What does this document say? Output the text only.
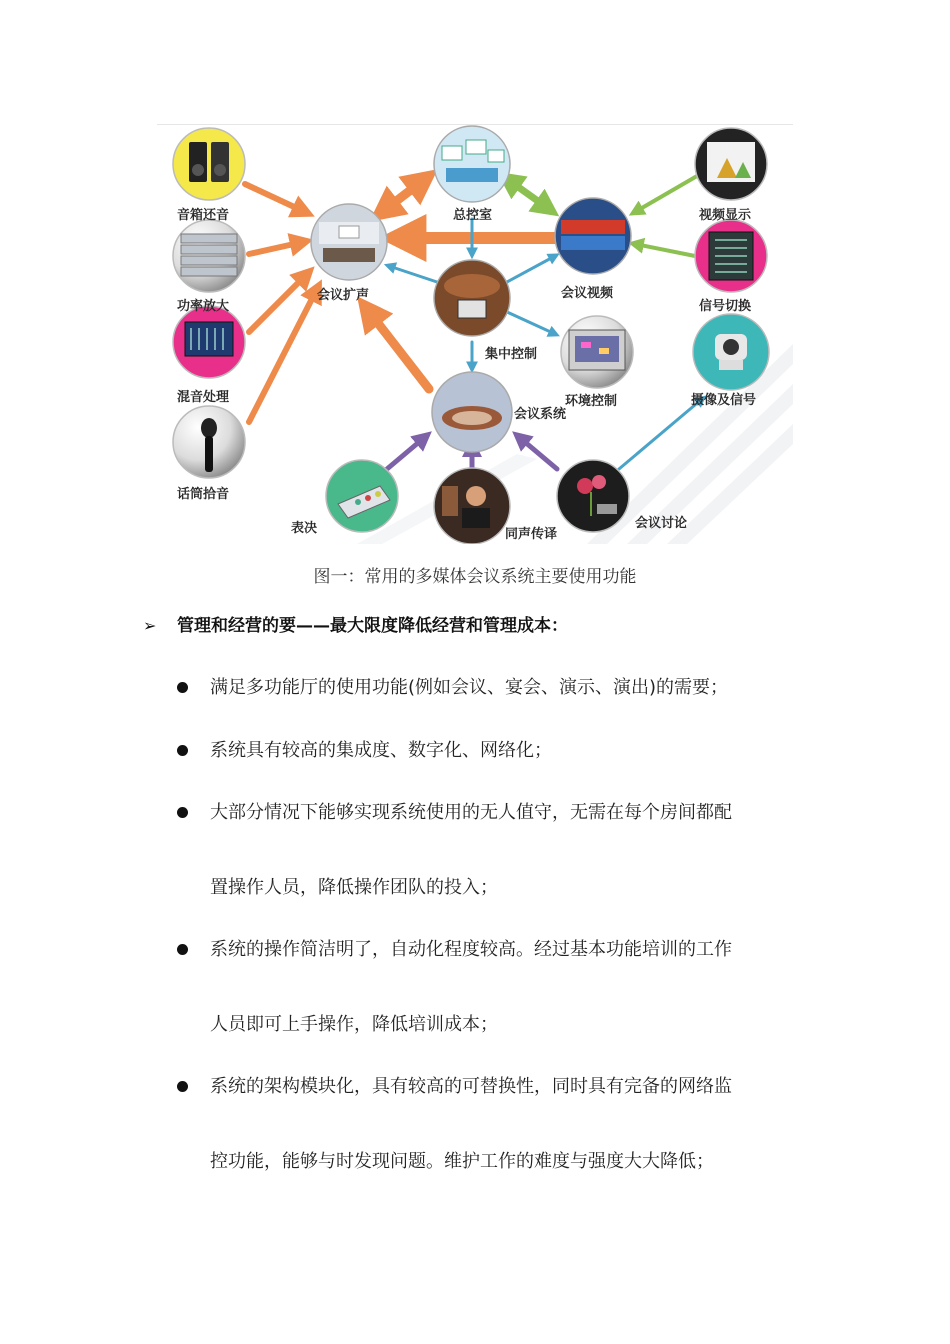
音箱还音
功率放大
混音处理
话筒拾音
会议扩声
总控室
集中控制
会议视频
环境控制
会议系统
视频显示
信号切换
摄像及信号
表决	同声传译
会议讨论
图一：常用的多媒体会议系统主要使用功能
➢ 管理和经营的要——最大限度降低经营和管理成本：
满足多功能厅的使用功能(例如会议、宴会、演示、演出)的需要；
系统具有较高的集成度、数字化、网络化；
大部分情况下能够实现系统使用的无人值守，无需在每个房间都配
置操作人员，降低操作团队的投入；
系统的操作简洁明了，自动化程度较高。经过基本功能培训的工作
人员即可上手操作，降低培训成本；
系统的架构模块化，具有较高的可替换性，同时具有完备的网络监
控功能，能够与时发现问题。维护工作的难度与强度大大降低；
